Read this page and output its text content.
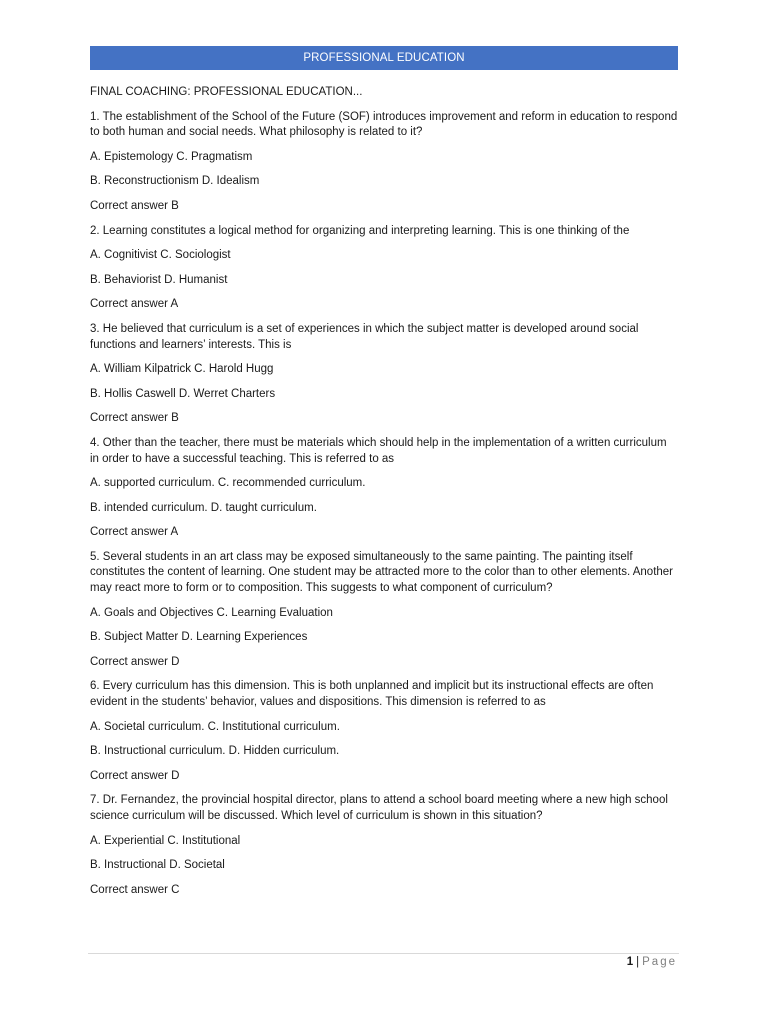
PROFESSIONAL EDUCATION

FINAL COACHING: PROFESSIONAL EDUCATION...

1. The establishment of the School of the Future (SOF) introduces improvement and reform in education to respond to both human and social needs. What philosophy is related to it?

A. Epistemology C. Pragmatism

B. Reconstructionism D. Idealism

Correct answer B

2. Learning constitutes a logical method for organizing and interpreting learning. This is one thinking of the

A. Cognitivist C. Sociologist

B. Behaviorist D. Humanist

Correct answer A

3. He believed that curriculum is a set of experiences in which the subject matter is developed around social functions and learners’ interests. This is

A. William Kilpatrick C. Harold Hugg

B. Hollis Caswell D. Werret Charters

Correct answer B

4. Other than the teacher, there must be materials which should help in the implementation of a written curriculum in order to have a successful teaching. This is referred to as

A. supported curriculum. C. recommended curriculum.

B. intended curriculum. D. taught curriculum.

Correct answer A

5. Several students in an art class may be exposed simultaneously to the same painting. The painting itself constitutes the content of learning. One student may be attracted more to the color than to other elements. Another may react more to form or to composition. This suggests to what component of curriculum?

A. Goals and Objectives C. Learning Evaluation

B. Subject Matter D. Learning Experiences

Correct answer D

6. Every curriculum has this dimension. This is both unplanned and implicit but its instructional effects are often evident in the students’ behavior, values and dispositions. This dimension is referred to as

A. Societal curriculum. C. Institutional curriculum.

B. Instructional curriculum. D. Hidden curriculum.

Correct answer D

7. Dr. Fernandez, the provincial hospital director, plans to attend a school board meeting where a new high school science curriculum will be discussed. Which level of curriculum is shown in this situation?

A. Experiential C. Institutional

B. Instructional D. Societal

Correct answer C

1 | Page
